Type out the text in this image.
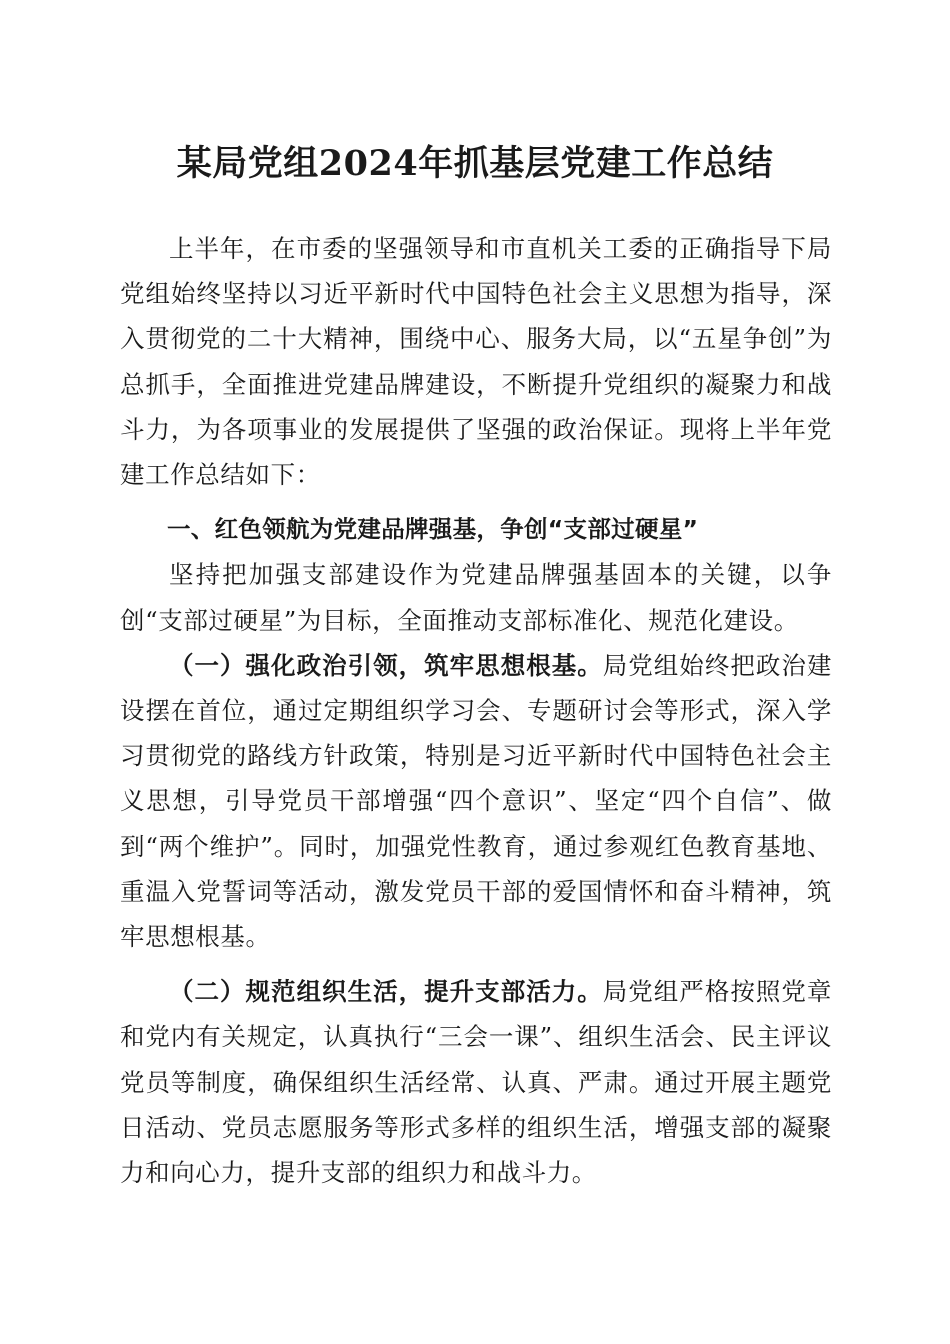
某局党组2024年抓基层党建工作总结

上半年，在市委的坚强领导和市直机关工委的正确指导下局党组始终坚持以习近平新时代中国特色社会主义思想为指导，深入贯彻党的二十大精神，围绕中心、服务大局，以“五星争创”为总抓手，全面推进党建品牌建设，不断提升党组织的凝聚力和战斗力，为各项事业的发展提供了坚强的政治保证。现将上半年党建工作总结如下：

一、红色领航为党建品牌强基，争创“支部过硬星”

坚持把加强支部建设作为党建品牌强基固本的关键，以争创“支部过硬星”为目标，全面推动支部标准化、规范化建设。

（一）强化政治引领，筑牢思想根基。局党组始终把政治建设摆在首位，通过定期组织学习会、专题研讨会等形式，深入学习贯彻党的路线方针政策，特别是习近平新时代中国特色社会主义思想，引导党员干部增强“四个意识”、坚定“四个自信”、做到“两个维护”。同时，加强党性教育，通过参观红色教育基地、重温入党誓词等活动，激发党员干部的爱国情怀和奋斗精神，筑牢思想根基。

（二）规范组织生活，提升支部活力。局党组严格按照党章和党内有关规定，认真执行“三会一课”、组织生活会、民主评议党员等制度，确保组织生活经常、认真、严肃。通过开展主题党日活动、党员志愿服务等形式多样的组织生活，增强支部的凝聚力和向心力，提升支部的组织力和战斗力。
